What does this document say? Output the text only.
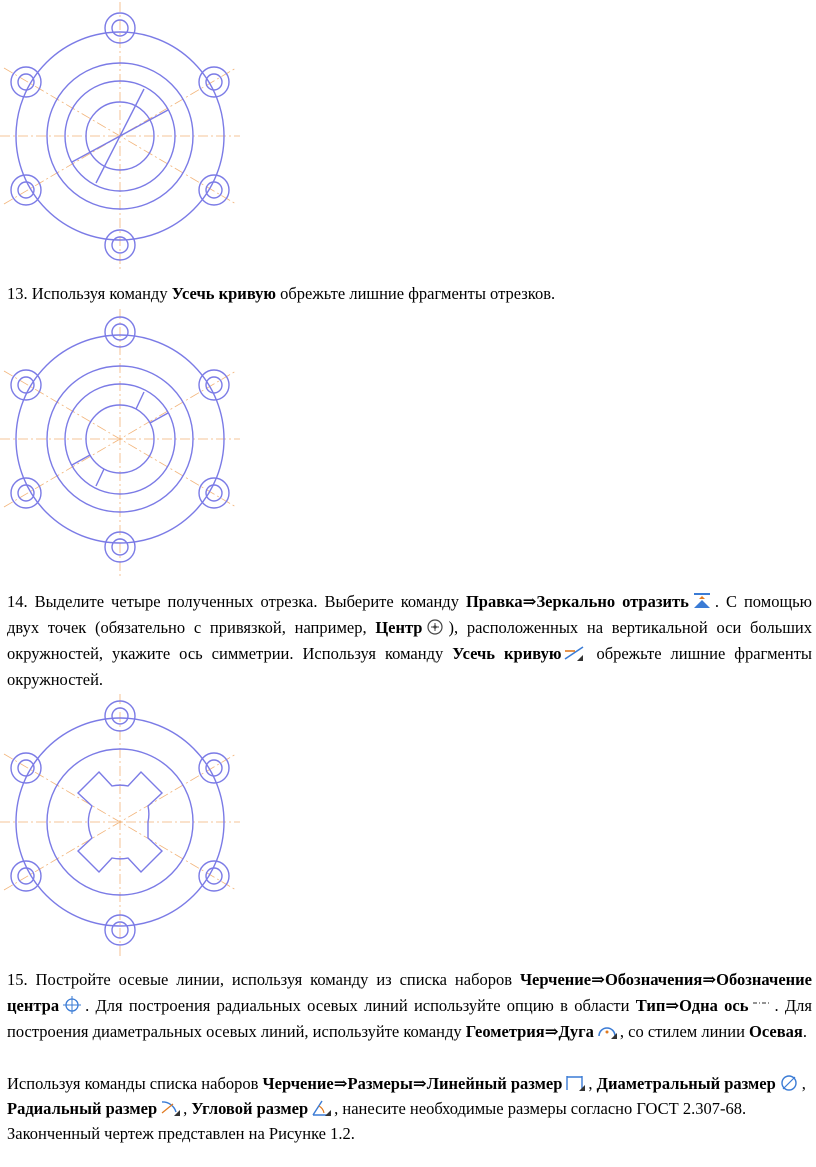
13. Используя команду Усечь кривую обрежьте лишние фрагменты отрезков.

14. Выделите четыре полученных отрезка. Выберите команду Правка⇒Зеркально отразить . С помощью двух точек (обязательно с привязкой, например, Центр ), расположенных на вертикальной оси больших окружностей, укажите ось симметрии. Используя команду Усечь кривую
обрежьте лишние фрагменты окружностей.

15. Постройте осевые линии, используя команду из списка наборов Черчение⇒Обозначения⇒Обозначение центра . Для построения радиальных осевых линий используйте опцию в области Тип⇒Одна ось . Для построения диаметральных осевых линий, используйте команду Геометрия⇒Дуга , со стилем линии Осевая.

Используя команды списка наборов Черчение⇒Размеры⇒Линейный размер , Диаметральный размер , Радиальный размер , Угловой размер , нанесите необходимые размеры согласно ГОСТ 2.307-68. Законченный чертеж представлен на Рисунке 1.2.
